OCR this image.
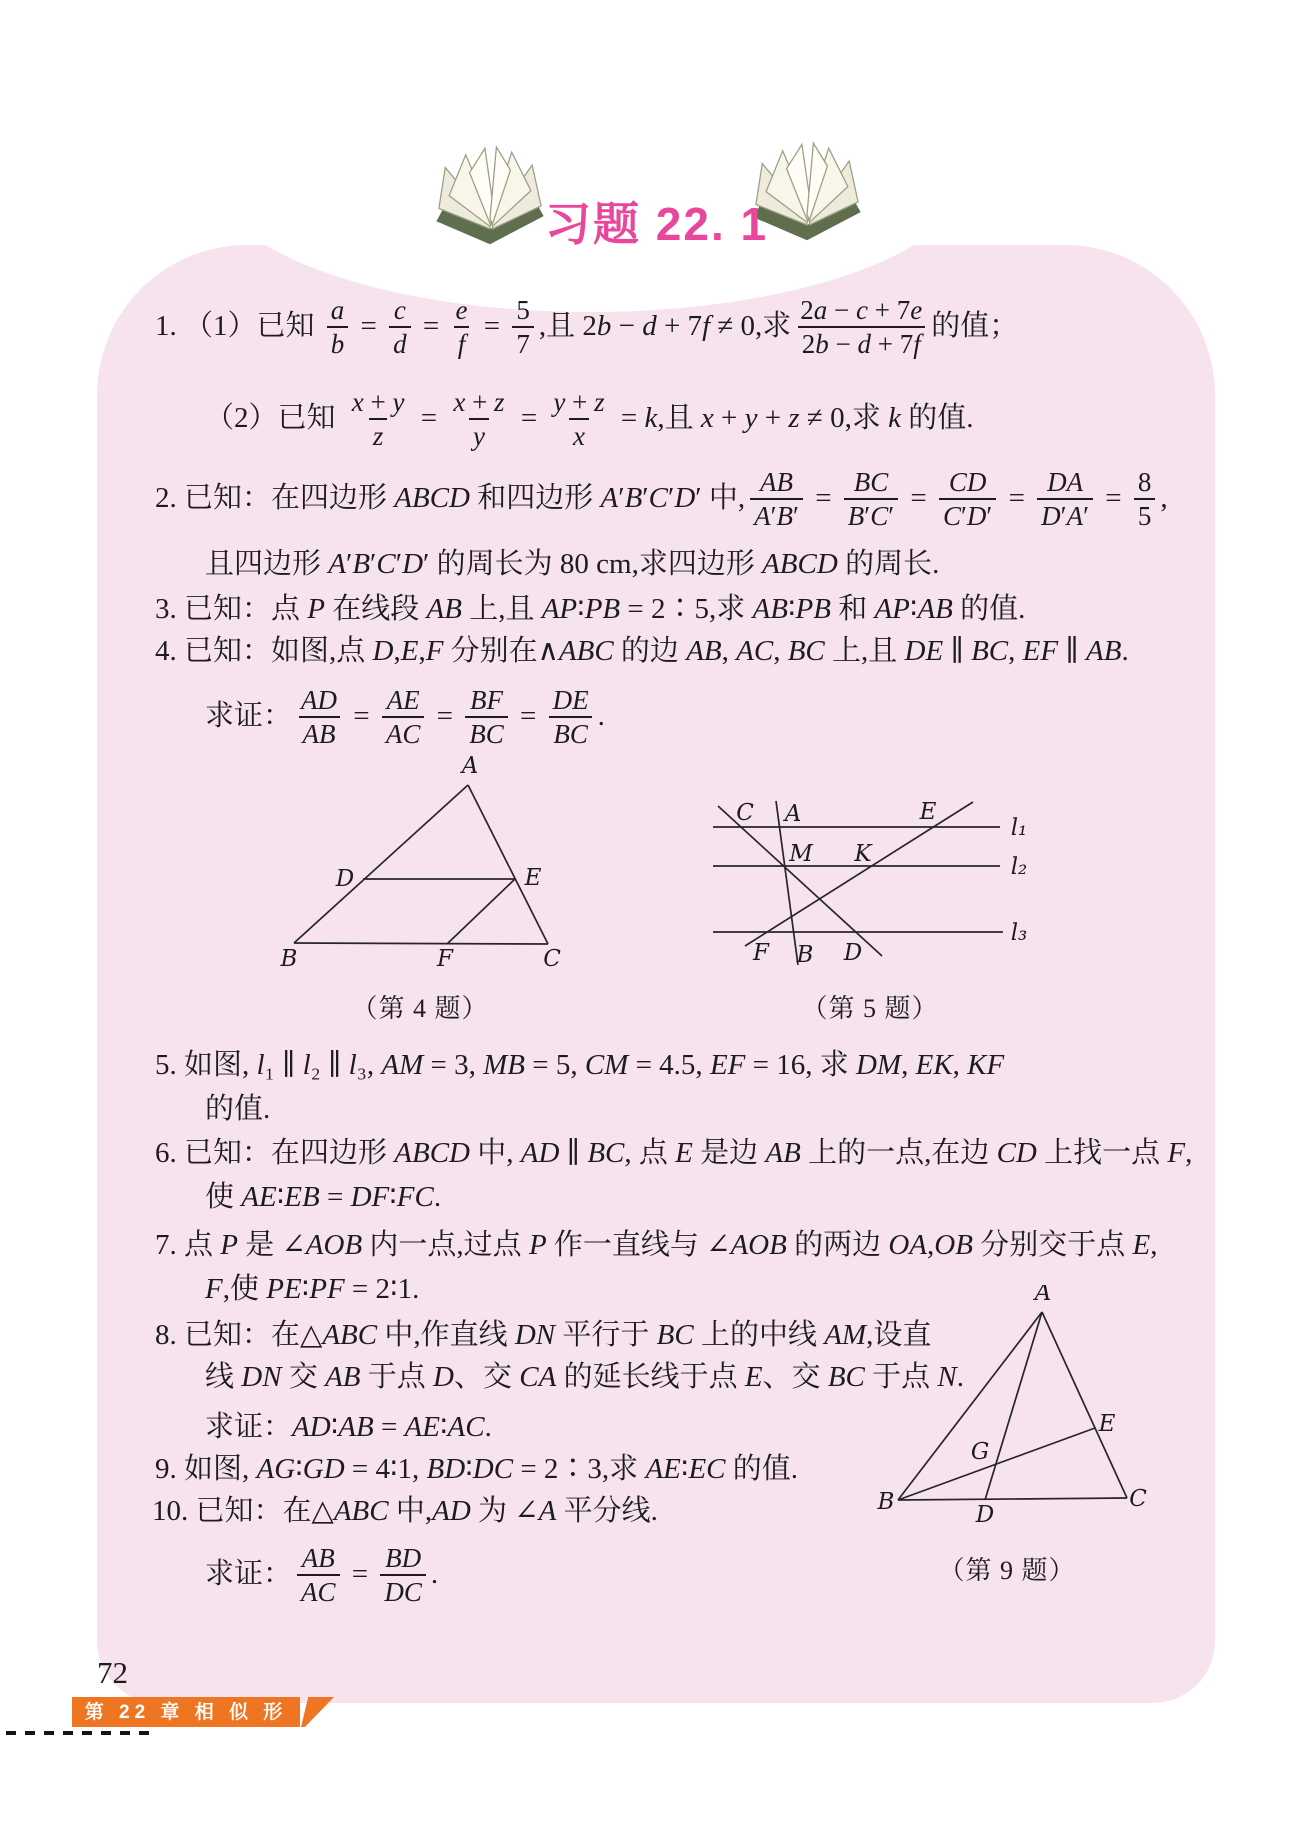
习题 22. 1
1. （1）已知 $\frac{a}{b} = \frac{c}{d} = \frac{e}{f} = \frac{5}{7}$ ,且 2 b − d + 7 f ≠ 0,求 $\frac{2a - c + 7e}{2b - d + 7f}$ 的值；
（2）已知 $\frac{x + y}{z} = \frac{x + z}{y} = \frac{y + z}{x} = k$ ,且 x + y + z ≠ 0,求 k 的值.
2. 已知：在四边形 ABCD 和四边形 A ′ B ′ C ′ D ′ 中, $\frac{AB}{A'B'} = \frac{BC}{B'C'} = \frac{CD}{C'D'} = \frac{DA}{D'A'} = \frac{8}{5}$ ,
且四边形 A ′ B ′ C ′ D ′ 的周长为 80 cm ,求四边形 ABCD 的周长.
3. 已知：点 P 在线段 AB 上,且 AP ∶ PB = 2∶5,求 AB ∶ PB 和 AP ∶ AB 的值.
4. 已知：如图,点 D , E , F 分别在∧ ABC 的边 AB , AC , BC 上,且 DE ∥ BC , EF ∥ AB .
求证： $\frac{AD}{AB} = \frac{AE}{AC} = \frac{BF}{BC} = \frac{DE}{BC}$ .
5. 如图, l ₁ ∥ l ₂ ∥ l ₃, AM = 3, MB = 5, CM = 4.5, EF = 16, 求 DM , EK , KF
的值.
6. 已知：在四边形 ABCD 中, AD ∥ BC , 点 E 是边 AB 上的一点,在边 CD 上找一点 F ,
使 AE ∶ EB = DF ∶ FC .
7. 点 P 是 ∠ AOB 内一点,过点 P 作一直线与 ∠ AOB 的两边 OA , OB 分别交于点 E ,
F ,使 PE ∶ PF = 2∶1.
8. 已知：在△ ABC 中,作直线 DN 平行于 BC 上的中线 AM ,设直
线 DN 交 AB 于点 D 、交 CA 的延长线于点 E 、交 BC 于点 N .
求证： AD ∶ AB = AE ∶ AC .
9. 如图, AG ∶ GD = 4∶1, BD ∶ DC = 2∶3,求 AE ∶ EC 的值.
10. 已知：在△ ABC 中, AD 为 ∠ A 平分线.
求证： $\frac{AB}{AC} = \frac{BD}{DC}$ .
A
B	C
D	E
F
l₁
l₂
l₃
C A	E
M K
F B D
A
B	C
D
E
G
（第 4 题）	（第 5 题）
（第 9 题）
72
第 22 章 相 似 形
